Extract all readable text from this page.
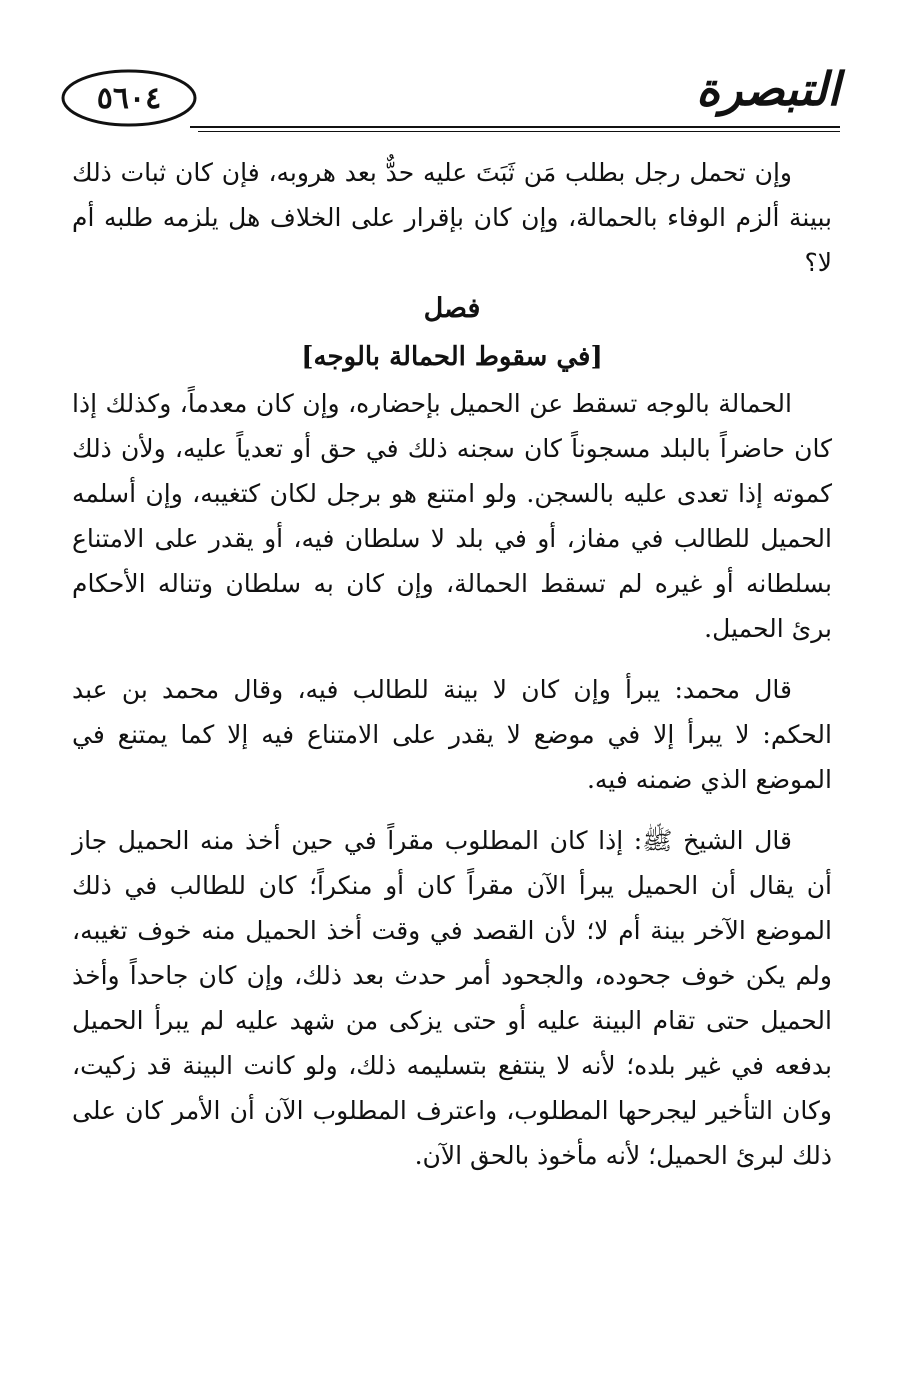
٥٦٠٤	التبصرة

وإن تحمل رجل بطلب مَن ثَبَتَ عليه حدٌّ بعد هروبه، فإن كان ثبات ذلك ببينة ألزم الوفاء بالحمالة، وإن كان بإقرار على الخلاف هل يلزمه طلبه أم لا؟

فصل

[في سقوط الحمالة بالوجه]

الحمالة بالوجه تسقط عن الحميل بإحضاره، وإن كان معدماً، وكذلك إذا كان حاضراً بالبلد مسجوناً كان سجنه ذلك في حق أو تعدياً عليه، ولأن ذلك كموته إذا تعدى عليه بالسجن. ولو امتنع هو برجل لكان كتغيبه، وإن أسلمه الحميل للطالب في مفاز، أو في بلد لا سلطان فيه، أو يقدر على الامتناع بسلطانه أو غيره لم تسقط الحمالة، وإن كان به سلطان وتناله الأحكام برئ الحميل.

قال محمد: يبرأ وإن كان لا بينة للطالب فيه، وقال محمد بن عبد الحكم: لا يبرأ إلا في موضع لا يقدر على الامتناع فيه إلا كما يمتنع في الموضع الذي ضمنه فيه.

قال الشيخ ﷺ: إذا كان المطلوب مقراً في حين أخذ منه الحميل جاز أن يقال أن الحميل يبرأ الآن مقراً كان أو منكراً؛ كان للطالب في ذلك الموضع الآخر بينة أم لا؛ لأن القصد في وقت أخذ الحميل منه خوف تغيبه، ولم يكن خوف جحوده، والجحود أمر حدث بعد ذلك، وإن كان جاحداً وأخذ الحميل حتى تقام البينة عليه أو حتى يزكى من شهد عليه لم يبرأ الحميل بدفعه في غير بلده؛ لأنه لا ينتفع بتسليمه ذلك، ولو كانت البينة قد زكيت، وكان التأخير ليجرحها المطلوب، واعترف المطلوب الآن أن الأمر كان على ذلك لبرئ الحميل؛ لأنه مأخوذ بالحق الآن.
